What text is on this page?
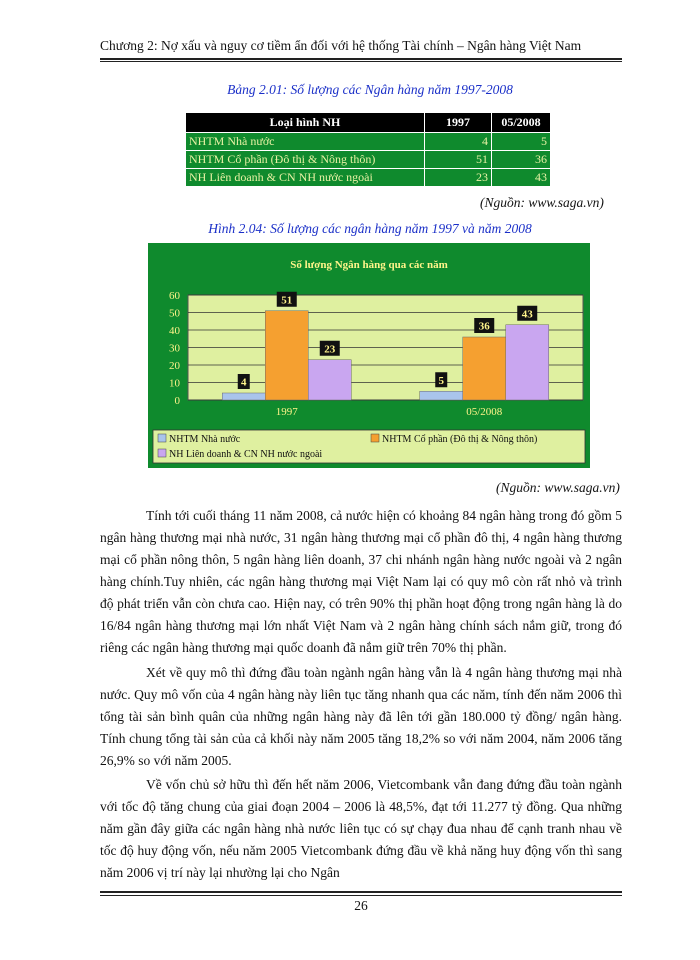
Chương 2: Nợ xấu và nguy cơ tiềm ẩn đối với hệ thống Tài chính – Ngân hàng Việt Nam
Bảng 2.01: Số lượng các Ngân hàng năm 1997-2008
Loại hình NH	1997	05/2008
NHTM Nhà nước	4	5
NHTM Cổ phần (Đô thị & Nông thôn)	51	36
NH Liên doanh & CN NH nước ngoài	23	43
(Nguồn: www.saga.vn)
Hình 2.04: Số lượng các ngân hàng năm 1997 và năm 2008
Số lượng Ngân hàng qua các năm
0
10
20
30
40
50
60
4
51
23
1997
5
36
43
05/2008
NHTM Nhà nước	NHTM Cổ phần (Đô thị & Nông thôn)
NH Liên doanh & CN NH nước ngoài
(Nguồn: www.saga.vn)

Tính tới cuối tháng 11 năm 2008, cả nước hiện có khoảng 84 ngân hàng trong đó gồm 5 ngân hàng thương mại nhà nước, 31 ngân hàng thương mại cổ phần đô thị, 4 ngân hàng thương mại cổ phần nông thôn, 5 ngân hàng liên doanh, 37 chi nhánh ngân hàng nước ngoài và 2 ngân hàng chính.Tuy nhiên, các ngân hàng thương mại Việt Nam lại có quy mô còn rất nhỏ và trình độ phát triển vẫn còn chưa cao. Hiện nay, có trên 90% thị phần hoạt động trong ngân hàng là do 16/84 ngân hàng thương mại lớn nhất Việt Nam và 2 ngân hàng chính sách nắm giữ, trong đó riêng các ngân hàng thương mại quốc doanh đã nắm giữ trên 70% thị phần.

Xét về quy mô thì đứng đầu toàn ngành ngân hàng vẫn là 4 ngân hàng thương mại nhà nước. Quy mô vốn của 4 ngân hàng này liên tục tăng nhanh qua các năm, tính đến năm 2006 thì tổng tài sản bình quân của những ngân hàng này đã lên tới gần 180.000 tỷ đồng/ ngân hàng. Tính chung tổng tài sản của cả khối này năm 2005 tăng 18,2% so với năm 2004, năm 2006 tăng 26,9% so với năm 2005.

Về vốn chủ sở hữu thì đến hết năm 2006, Vietcombank vẫn đang đứng đầu toàn ngành với tốc độ tăng chung của giai đoạn 2004 – 2006 là 48,5%, đạt tới 11.277 tỷ đồng. Qua những năm gần đây giữa các ngân hàng nhà nước liên tục có sự chạy đua nhau để cạnh tranh nhau về tốc độ huy động vốn, nếu năm 2005 Vietcombank đứng đầu về khả năng huy động vốn thì sang năm 2006 vị trí này lại nhường lại cho Ngân

26
